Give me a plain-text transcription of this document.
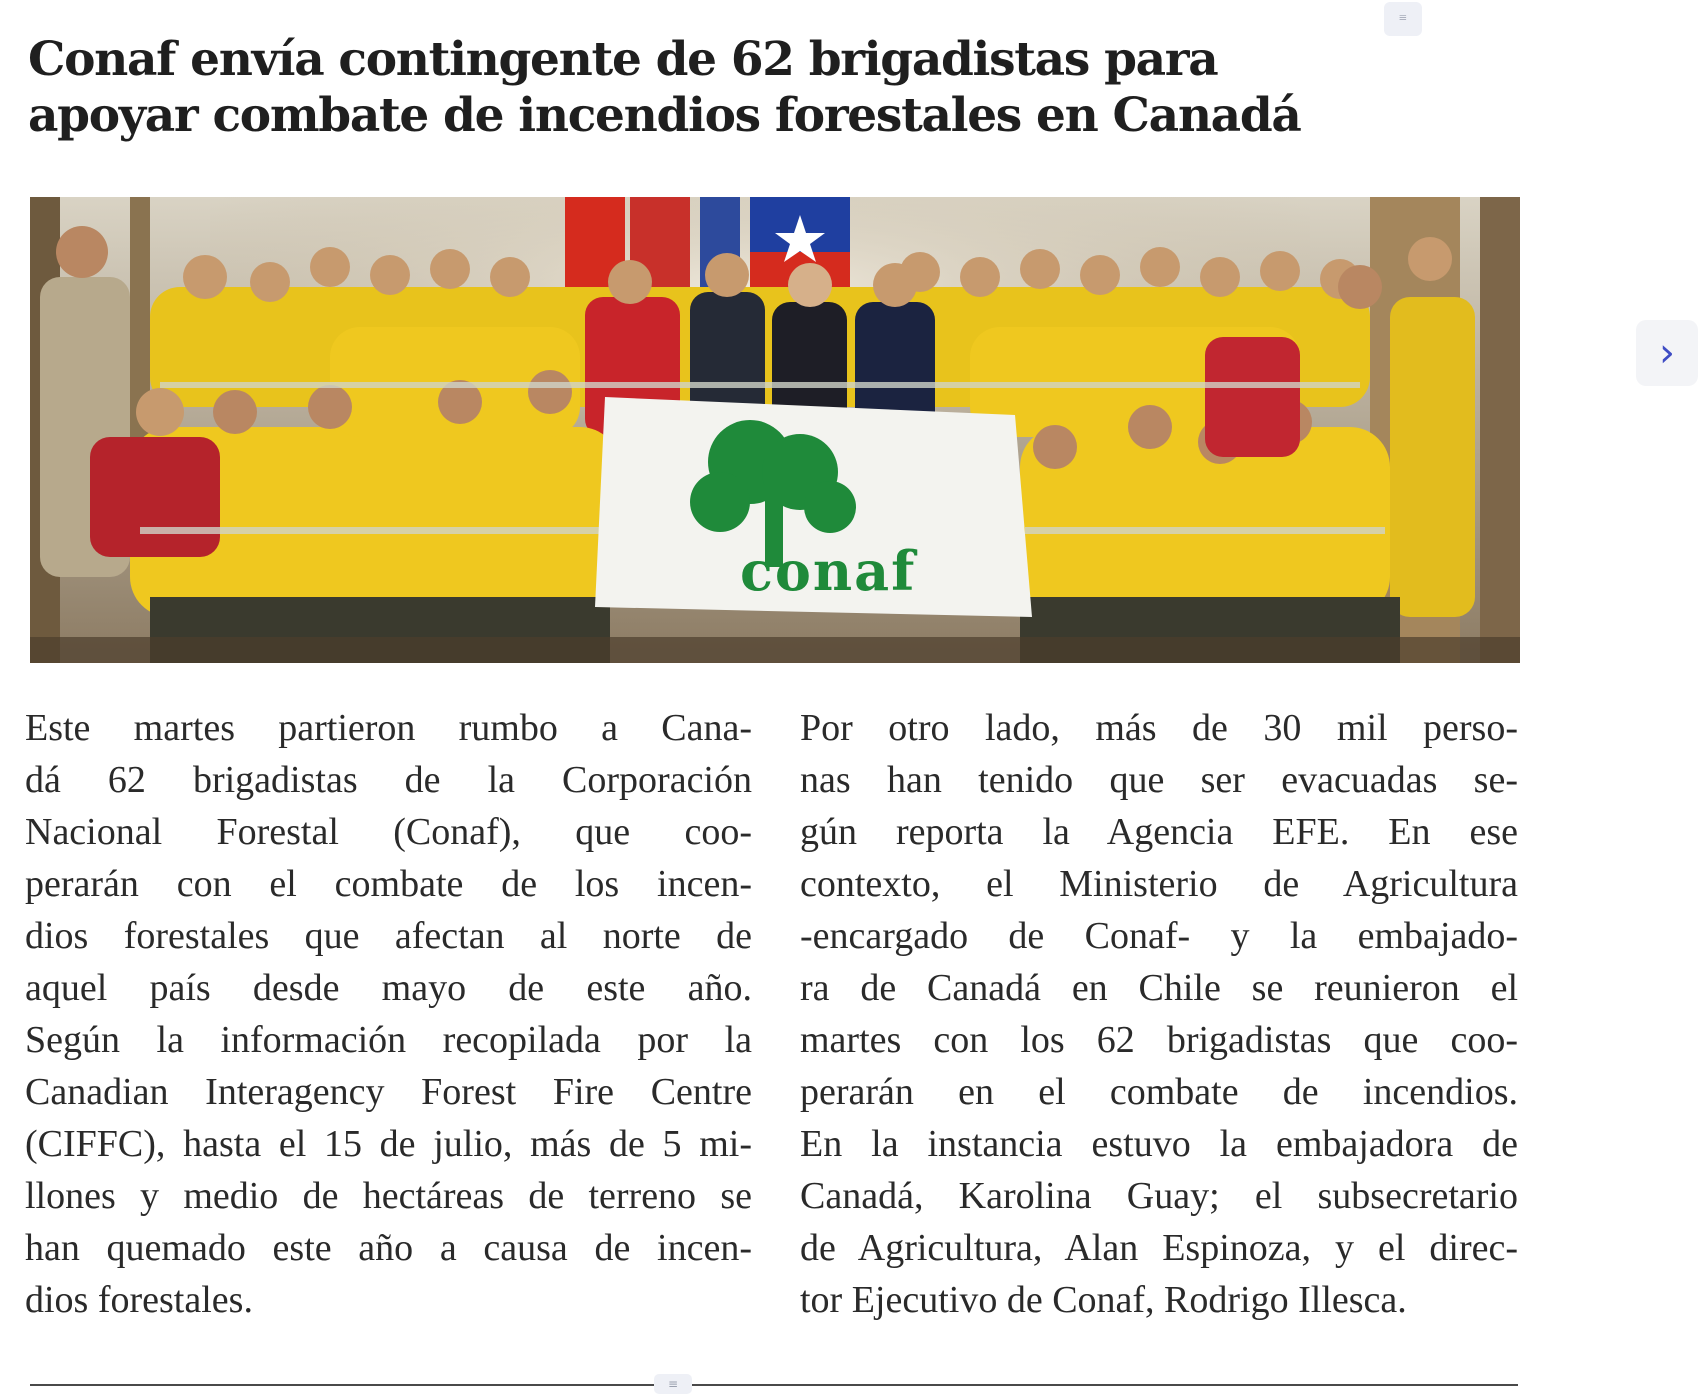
≡
Conaf envía contingente de 62 brigadistas para
apoyar combate de incendios forestales en Canadá
conaf
›
Este martes partieron rumbo a Cana-
dá 62 brigadistas de la Corporación
Nacional Forestal (Conaf), que coo-
perarán con el combate de los incen-
dios forestales que afectan al norte de
aquel país desde mayo de este año.
Según la información recopilada por la
Canadian Interagency Forest Fire Centre
(CIFFC), hasta el 15 de julio, más de 5 mi-
llones y medio de hectáreas de terreno se
han quemado este año a causa de incen-
dios forestales.
Por otro lado, más de 30 mil perso-
nas han tenido que ser evacuadas se-
gún reporta la Agencia EFE. En ese
contexto, el Ministerio de Agricultura
-encargado de Conaf- y la embajado-
ra de Canadá en Chile se reunieron el
martes con los 62 brigadistas que coo-
perarán en el combate de incendios.
En la instancia estuvo la embajadora de
Canadá, Karolina Guay; el subsecretario
de Agricultura, Alan Espinoza, y el direc-
tor Ejecutivo de Conaf, Rodrigo Illesca.
≡
